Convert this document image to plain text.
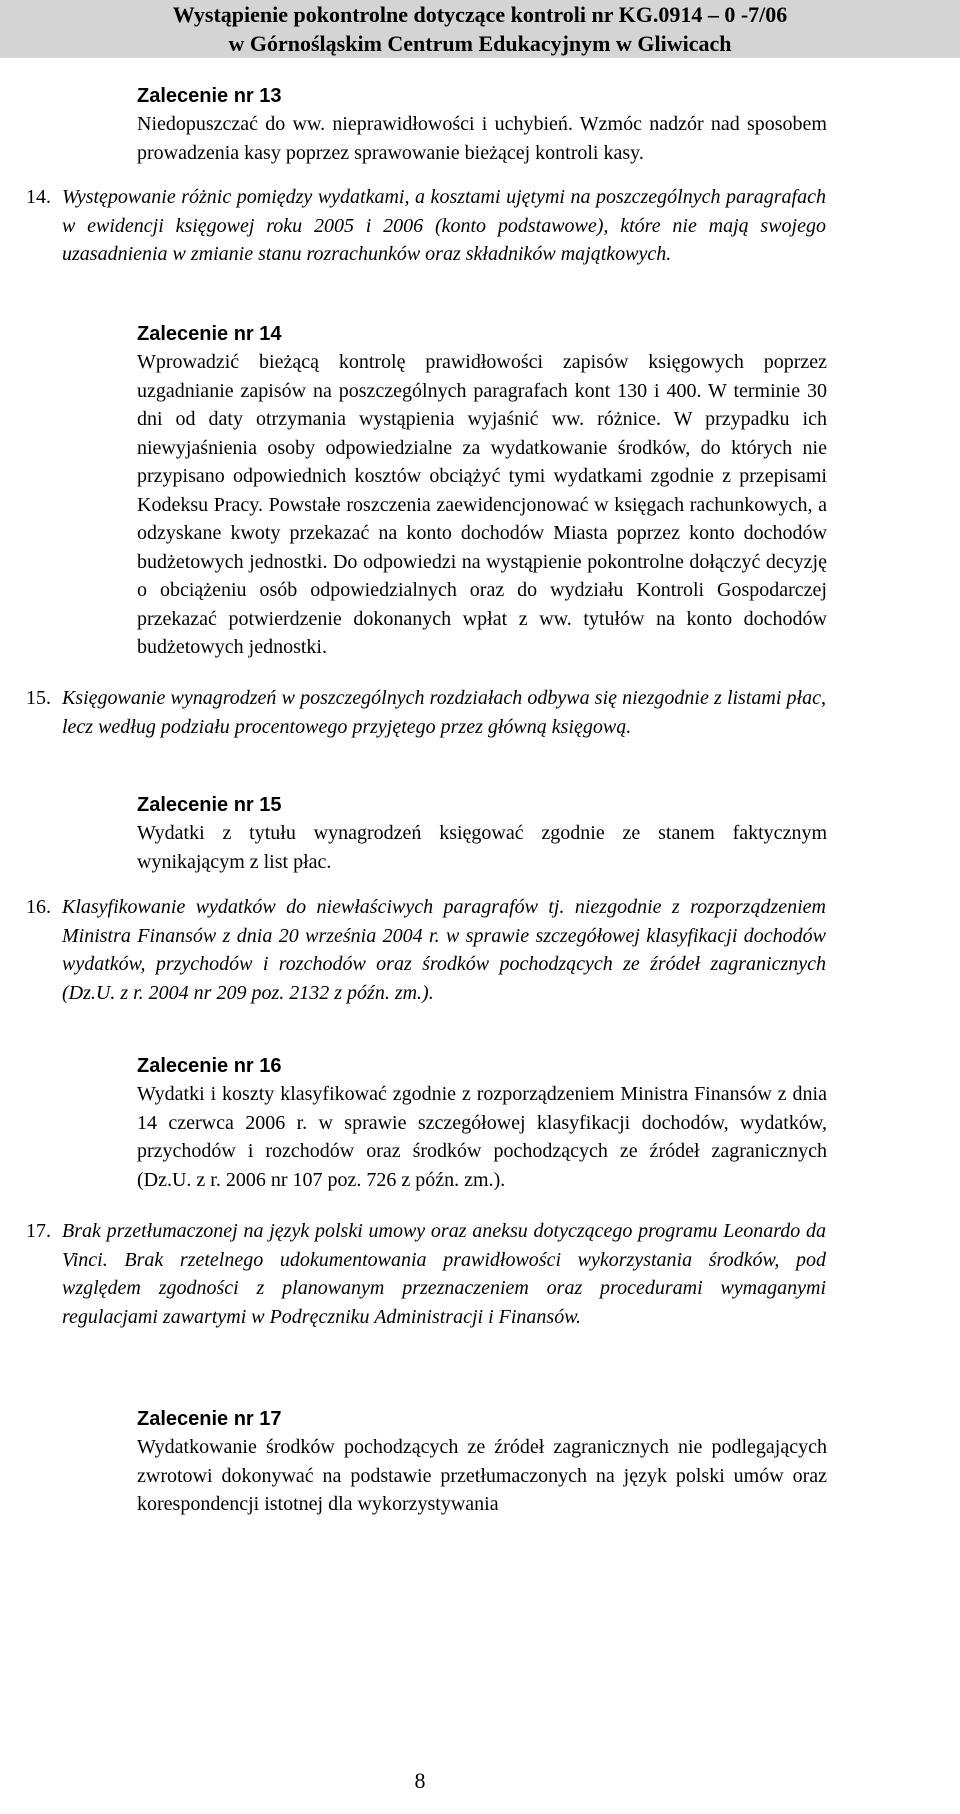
Wystąpienie pokontrolne dotyczące kontroli nr KG.0914 – 0 -7/06
w Górnośląskim Centrum Edukacyjnym w Gliwicach
Zalecenie nr 13
Niedopuszczać do ww. nieprawidłowości i uchybień. Wzmóc nadzór nad sposobem prowadzenia kasy poprzez sprawowanie bieżącej kontroli kasy.
14. Występowanie różnic pomiędzy wydatkami, a kosztami ujętymi na poszczególnych paragrafach w ewidencji księgowej roku 2005 i 2006 (konto podstawowe), które nie mają swojego uzasadnienia w zmianie stanu rozrachunków oraz składników majątkowych.
Zalecenie nr 14
Wprowadzić bieżącą kontrolę prawidłowości zapisów księgowych poprzez uzgadnianie zapisów na poszczególnych paragrafach kont 130 i 400. W terminie 30 dni od daty otrzymania wystąpienia wyjaśnić ww. różnice. W przypadku ich niewyjaśnienia osoby odpowiedzialne za wydatkowanie środków, do których nie przypisano odpowiednich kosztów obciążyć tymi wydatkami zgodnie z przepisami Kodeksu Pracy. Powstałe roszczenia zaewidencjonować w księgach rachunkowych, a odzyskane kwoty przekazać na konto dochodów Miasta poprzez konto dochodów budżetowych jednostki. Do odpowiedzi na wystąpienie pokontrolne dołączyć decyzję o obciążeniu osób odpowiedzialnych oraz do wydziału Kontroli Gospodarczej przekazać potwierdzenie dokonanych wpłat z ww. tytułów na konto dochodów budżetowych jednostki.
15. Księgowanie wynagrodzeń w poszczególnych rozdziałach odbywa się niezgodnie z listami płac, lecz według podziału procentowego przyjętego przez główną księgową.
Zalecenie nr 15
Wydatki z tytułu wynagrodzeń księgować zgodnie ze stanem faktycznym wynikającym z list płac.
16. Klasyfikowanie wydatków do niewłaściwych paragrafów tj. niezgodnie z rozporządzeniem Ministra Finansów z dnia 20 września 2004 r. w sprawie szczegółowej klasyfikacji dochodów wydatków, przychodów i rozchodów oraz środków pochodzących ze źródeł zagranicznych (Dz.U. z r. 2004 nr 209 poz. 2132 z późn. zm.).
Zalecenie nr 16
Wydatki i koszty klasyfikować zgodnie z rozporządzeniem Ministra Finansów z dnia 14 czerwca 2006 r. w sprawie szczegółowej klasyfikacji dochodów, wydatków, przychodów i rozchodów oraz środków pochodzących ze źródeł zagranicznych (Dz.U. z r. 2006 nr 107 poz. 726 z późn. zm.).
17. Brak przetłumaczonej na język polski umowy oraz aneksu dotyczącego programu Leonardo da Vinci. Brak rzetelnego udokumentowania prawidłowości wykorzystania środków, pod względem zgodności z planowanym przeznaczeniem oraz procedurami wymaganymi regulacjami zawartymi w Podręczniku Administracji i Finansów.
Zalecenie nr 17
Wydatkowanie środków pochodzących ze źródeł zagranicznych nie podlegających zwrotowi dokonywać na podstawie przetłumaczonych na język polski umów oraz korespondencji istotnej dla wykorzystywania
8
